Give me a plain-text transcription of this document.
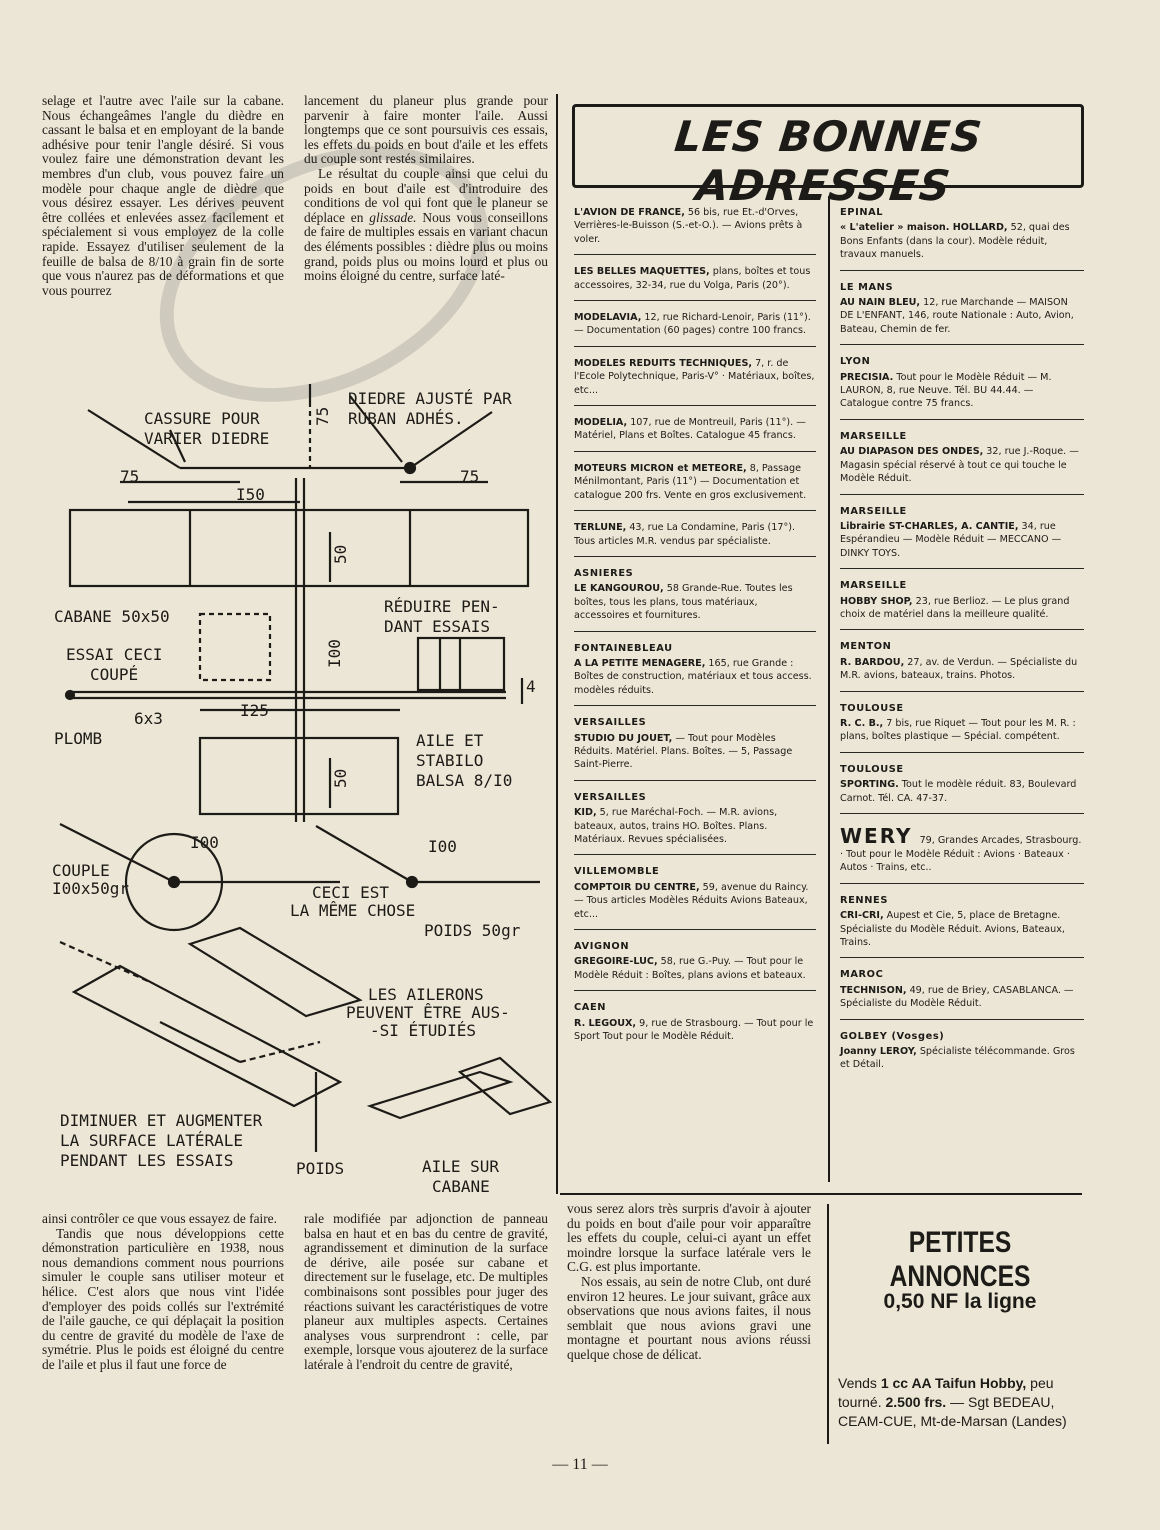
selage et l'autre avec l'aile sur la cabane. Nous échangeâmes l'angle du dièdre en cassant le balsa et en employant de la bande adhésive pour tenir l'angle désiré. Si vous voulez faire une démonstration devant les membres d'un club, vous pouvez faire un modèle pour chaque angle de dièdre que vous désirez essayer. Les dérives peuvent être collées et enlevées assez facilement et spécialement si vous employez de la colle rapide. Essayez d'utiliser seulement de la feuille de balsa de 8/10 à grain fin de sorte que vous n'aurez pas de déformations et que vous pourrez

lancement du planeur plus grande pour parvenir à faire monter l'aile. Aussi longtemps que ce sont poursuivis ces essais, les effets du poids en bout d'aile et les effets du couple sont restés similaires.

Le résultat du couple ainsi que celui du poids en bout d'aile est d'introduire des conditions de vol qui font que le planeur se déplace en glissade. Nous vous conseillons de faire de multiples essais en variant chacun des éléments possibles : dièdre plus ou moins grand, poids plus ou moins lourd et plus ou moins éloigné du centre, surface laté-

CASSURE POUR
VARIER DIEDRE
DIEDRE AJUSTÉ PAR
RUBAN ADHÉS.
75
75
75
I50
50
CABANE 50x50
ESSAI CECI
COUPÉ
RÉDUIRE PEN-
DANT ESSAIS
I00
4
6x3	I25
PLOMB	AILE ET
STABILO
BALSA 8/I0
50
I00	I00
COUPLE
I00x50gr	CECI EST
LA MÊME CHOSE
POIDS 50gr
LES AILERONS
PEUVENT ÊTRE AUS-
-SI ÉTUDIÉS
DIMINUER ET AUGMENTER
LA SURFACE LATÉRALE
PENDANT LES ESSAIS	POIDS	AILE SUR
CABANE

ainsi contrôler ce que vous essayez de faire.

Tandis que nous développions cette démonstration particulière en 1938, nous nous demandions comment nous pourrions simuler le couple sans utiliser moteur et hélice. C'est alors que nous vint l'idée d'employer des poids collés sur l'extrémité de l'aile gauche, ce qui déplaçait la position du centre de gravité du modèle de l'axe de symétrie. Plus le poids est éloigné du centre de l'aile et plus il faut une force de

rale modifiée par adjonction de panneau balsa en haut et en bas du centre de gravité, agrandissement et diminution de la surface de dérive, aile posée sur cabane et directement sur le fuselage, etc. De multiples combinaisons sont possibles pour juger des réactions suivant les caractéristiques de votre planeur aux multiples aspects. Certaines analyses vous surprendront : celle, par exemple, lorsque vous ajouterez de la surface latérale à l'endroit du centre de gravité,

vous serez alors très surpris d'avoir à ajouter du poids en bout d'aile pour voir apparaître les effets du couple, celui-ci ayant un effet moindre lorsque la surface latérale vers le C.G. est plus importante.

Nos essais, au sein de notre Club, ont duré environ 12 heures. Le jour suivant, grâce aux observations que nous avions faites, il nous semblait que nous avions gravi une montagne et pourtant nous avions réussi quelque chose de délicat.

LES BONNES ADRESSES
L'AVION DE FRANCE, 56 bis, rue Et.-d'Orves, Verrières-le-Buisson (S.-et-O.). — Avions prêts à voler.
LES BELLES MAQUETTES, plans, boîtes et tous accessoires, 32-34, rue du Volga, Paris (20°).
MODELAVIA, 12, rue Richard-Lenoir, Paris (11°). — Documentation (60 pages) contre 100 francs.
MODELES REDUITS TECHNIQUES, 7, r. de l'Ecole Polytechnique, Paris-V° · Matériaux, boîtes, etc...
MODELIA, 107, rue de Montreuil, Paris (11°). — Matériel, Plans et Boîtes. Catalogue 45 francs.
MOTEURS MICRON et METEORE, 8, Passage Ménilmontant, Paris (11°) — Documentation et catalogue 200 frs. Vente en gros exclusivement.
TERLUNE, 43, rue La Condamine, Paris (17°). Tous articles M.R. vendus par spécialiste.
ASNIERES
LE KANGOUROU, 58 Grande-Rue. Toutes les boîtes, tous les plans, tous matériaux, accessoires et fournitures.
FONTAINEBLEAU
A LA PETITE MENAGERE, 165, rue Grande : Boîtes de construction, matériaux et tous access. modèles réduits.
VERSAILLES
STUDIO DU JOUET, — Tout pour Modèles Réduits. Matériel. Plans. Boîtes. — 5, Passage Saint-Pierre.
VERSAILLES
KID, 5, rue Maréchal-Foch. — M.R. avions, bateaux, autos, trains HO. Boîtes. Plans. Matériaux. Revues spécialisées.
VILLEMOMBLE
COMPTOIR DU CENTRE, 59, avenue du Raincy. — Tous articles Modèles Réduits Avions Bateaux, etc...
AVIGNON
GREGOIRE-LUC, 58, rue G.-Puy. — Tout pour le Modèle Réduit : Boîtes, plans avions et bateaux.
CAEN
R. LEGOUX, 9, rue de Strasbourg. — Tout pour le Sport Tout pour le Modèle Réduit.
EPINAL
« L'atelier » maison. HOLLARD, 52, quai des Bons Enfants (dans la cour). Modèle réduit, travaux manuels.
LE MANS
AU NAIN BLEU, 12, rue Marchande — MAISON DE L'ENFANT, 146, route Nationale : Auto, Avion, Bateau, Chemin de fer.
LYON
PRECISIA. Tout pour le Modèle Réduit — M. LAURON, 8, rue Neuve. Tél. BU 44.44. — Catalogue contre 75 francs.
MARSEILLE
AU DIAPASON DES ONDES, 32, rue J.-Roque. — Magasin spécial réservé à tout ce qui touche le Modèle Réduit.
MARSEILLE
Librairie ST-CHARLES, A. CANTIE, 34, rue Espérandieu — Modèle Réduit — MECCANO — DINKY TOYS.
MARSEILLE
HOBBY SHOP, 23, rue Berlioz. — Le plus grand choix de matériel dans la meilleure qualité.
MENTON
R. BARDOU, 27, av. de Verdun. — Spécialiste du M.R. avions, bateaux, trains. Photos.
TOULOUSE
R. C. B., 7 bis, rue Riquet — Tout pour les M. R. : plans, boîtes plastique — Spécial. compétent.
TOULOUSE
SPORTING. Tout le modèle réduit. 83, Boulevard Carnot. Tél. CA. 47-37.
WERY 79, Grandes Arcades, Strasbourg. · Tout pour le Modèle Réduit : Avions · Bateaux · Autos · Trains, etc..
RENNES
CRI-CRI, Aupest et Cie, 5, place de Bretagne. Spécialiste du Modèle Réduit. Avions, Bateaux, Trains.
MAROC
TECHNISON, 49, rue de Briey, CASABLANCA. — Spécialiste du Modèle Réduit.
GOLBEY (Vosges)
Joanny LEROY, Spécialiste télécommande. Gros et Détail.
PETITES ANNONCES
0,50 NF la ligne
Vends 1 cc AA Taifun Hobby, peu tourné. 2.500 frs. — Sgt BEDEAU, CEAM-CUE, Mt-de-Marsan (Landes)
— 11 —
